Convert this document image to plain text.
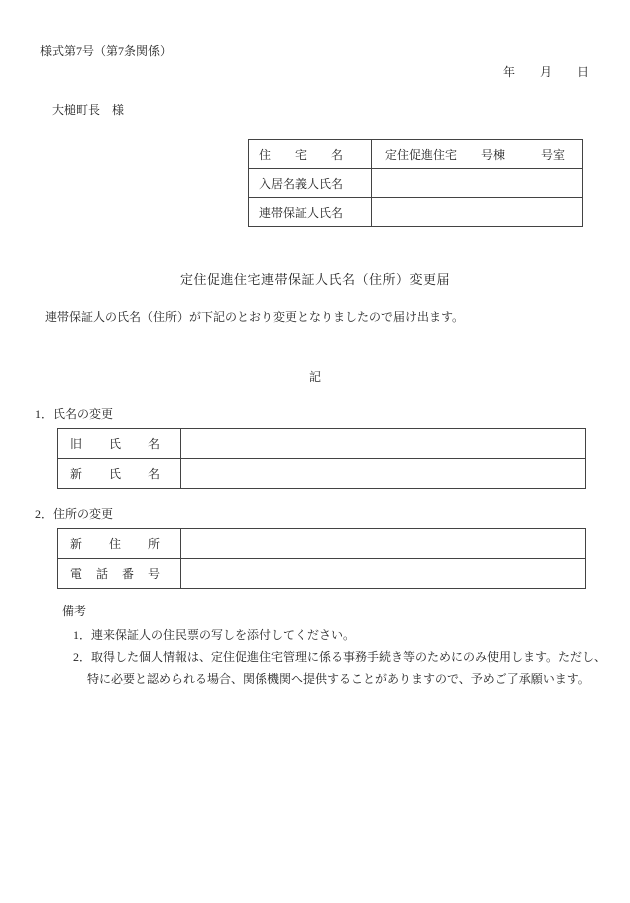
様式第7号（第7条関係）
年 月 日
大槌町長　様
住　　宅　　名	定住促進住宅　　号棟　　　号室
入居名義人氏名	
連帯保証人氏名	
定住促進住宅連帯保証人氏名（住所）変更届
連帯保証人の氏名（住所）が下記のとおり変更となりましたので届け出ます。
記
1．氏名の変更
旧　　氏　　名	
新　　氏　　名	
2．住所の変更
新　　住　　所	
電　話　番　号	
備考
1．連来保証人の住民票の写しを添付してください。
2．取得した個人情報は、定住促進住宅管理に係る事務手続き等のためにのみ使用します。ただし、
特に必要と認められる場合、関係機関へ提供することがありますので、予めご了承願います。
